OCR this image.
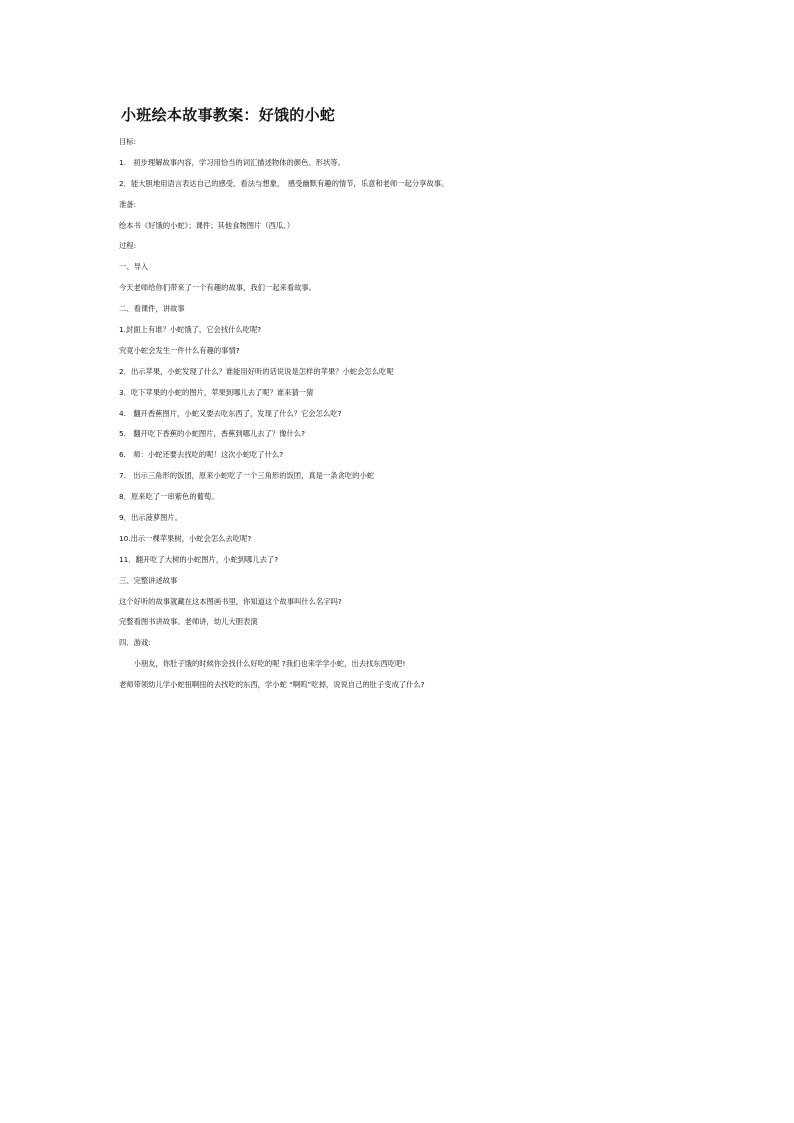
小班绘本故事教案：好饿的小蛇
目标:
1.　初步理解故事内容，学习用恰当的词汇描述物体的颜色、形状等。
2．能大胆地用语言表达自己的感受、看法与想象，　感受幽默有趣的情节，乐意和老师一起分享故事。
准备:
绘本书《好饿的小蛇》；课件；其他食物图片（西瓜、）
过程:
一、导入
今天老师给你们带来了一个有趣的故事，我们一起来看故事。
二、看课件，讲故事
1.封面上有谁？小蛇饿了，它会找什么吃呢?
究竟小蛇会发生一件什么有趣的事情?
2．出示苹果，小蛇发现了什么？谁能用好听的话说说是怎样的苹果？小蛇会怎么吃呢
3．吃下苹果的小蛇的图片，苹果到哪儿去了呢？谁来猜一猜
4.　翻开香蕉图片，小蛇又要去吃东西了，发现了什么？它会怎么吃?
5.　翻开吃下香蕉的小蛇图片，香蕉到哪儿去了？像什么?
6.　师：小蛇还要去找吃的呢！这次小蛇吃了什么?
7.　出示三角形的饭团，原来小蛇吃了一个三角形的饭团，真是一条贪吃的小蛇
8．原来吃了一串紫色的葡萄。
9．出示菠萝图片。
10.出示一棵苹果树，小蛇会怎么去吃呢?
11．翻开吃了大树的小蛇图片，小蛇到哪儿去了?
三、完整讲述故事
这个好听的故事就藏在这本图画书里，你知道这个故事叫什么名字吗?
完整看图书讲故事。老师讲，幼儿大胆表演
四．游戏:
　　小朋友，你肚子饿的时候你会找什么好吃的呢 ?我们也来学学小蛇，出去找东西吃吧!
老师带领幼儿学小蛇扭啊扭的去找吃的东西，学小蛇 “啊呜”吃掉，说说自己的肚子变成了什么?
